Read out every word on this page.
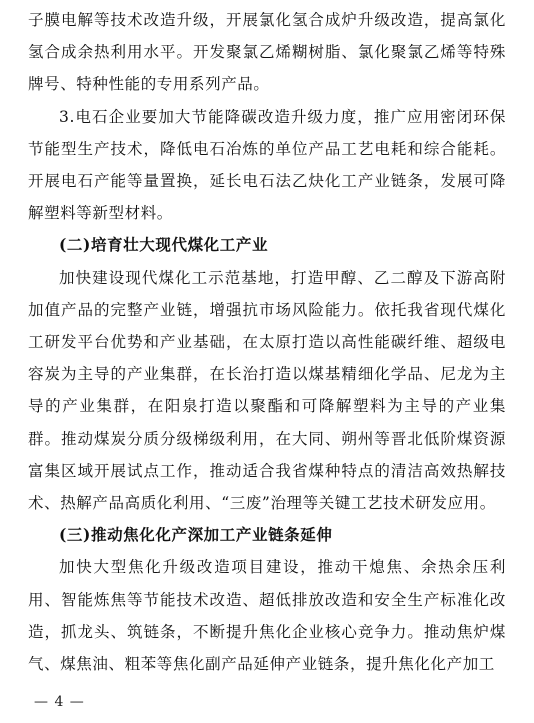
子膜电解等技术改造升级，开展氯化氢合成炉升级改造，提高氯化氢合成余热利用水平。开发聚氯乙烯糊树脂、氯化聚氯乙烯等特殊牌号、特种性能的专用系列产品。

3.电石企业要加大节能降碳改造升级力度，推广应用密闭环保节能型生产技术，降低电石冶炼的单位产品工艺电耗和综合能耗。开展电石产能等量置换，延长电石法乙炔化工产业链条，发展可降解塑料等新型材料。

(二)培育壮大现代煤化工产业

加快建设现代煤化工示范基地，打造甲醇、乙二醇及下游高附加值产品的完整产业链，增强抗市场风险能力。依托我省现代煤化工研发平台优势和产业基础，在太原打造以高性能碳纤维、超级电容炭为主导的产业集群，在长治打造以煤基精细化学品、尼龙为主导的产业集群，在阳泉打造以聚酯和可降解塑料为主导的产业集群。推动煤炭分质分级梯级利用，在大同、朔州等晋北低阶煤资源富集区域开展试点工作，推动适合我省煤种特点的清洁高效热解技术、热解产品高质化利用、“三废”治理等关键工艺技术研发应用。

(三)推动焦化化产深加工产业链条延伸

加快大型焦化升级改造项目建设，推动干熄焦、余热余压利用、智能炼焦等节能技术改造、超低排放改造和安全生产标准化改造，抓龙头、筑链条，不断提升焦化企业核心竞争力。推动焦炉煤气、煤焦油、粗苯等焦化副产品延伸产业链条，提升焦化化产加工

— 4 —
